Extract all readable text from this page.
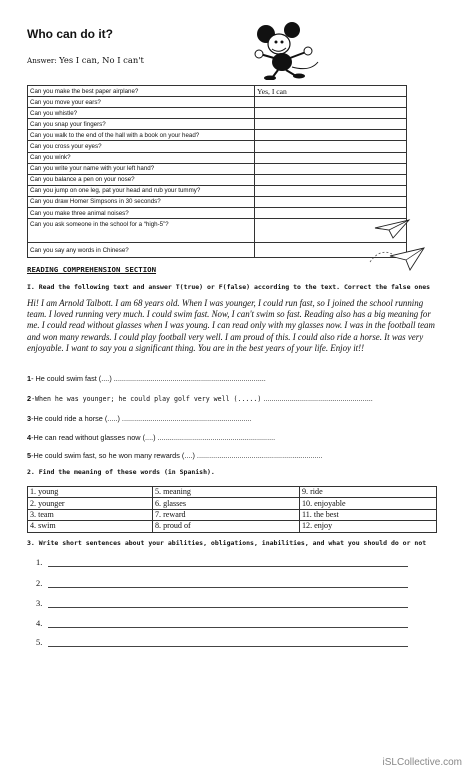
Who can do it?
Answer: Yes I can, No I can't
Can you make the best paper airplane?	Yes, I can
Can you move your ears?	
Can you whistle?	
Can you snap your fingers?	
Can you walk to the end of the hall with a book on your head?	
Can you cross your eyes?	
Can you wink?	
Can you write your name with your left hand?	
Can you balance a pen on your nose?	
Can you jump on one leg, pat your head and rub your tummy?	
Can you draw Homer Simpsons in 30 seconds?	
Can you make three animal noises?	
Can you ask someone in the school for a “high-5”?	
Can you say any words in Chinese?	
READING COMPREHENSION SECTION
I. Read the following text and answer T(true) or F(false) according to the text. Correct the false ones

Hi! I am Arnold Talbott. I am 68 years old. When I was younger, I could run fast, so I joined the school running team. I loved running very much. I could swim fast. Now, I can't swim so fast. Reading also has a big meaning for me. I could read without glasses when I was young. I can read only with my glasses now. I was in the football team and won many rewards. I could play football very well. I am proud of this. I could also ride a horse. It was very enjoyable. I want to say you a significant thing. You are in the best years of your life. Enjoy it!!

1- He could swim fast (....) ...........................................................................
2-When he was younger; he could play golf very well (.....) ......................................................
3-He could ride a horse (.....) ................................................................
4-He can read without glasses now (....) ..........................................................
5-He could swim fast, so he won many rewards (....) ..............................................................
2. Find the meaning of these words (in Spanish).
1. young	5. meaning	9. ride
2. younger	6. glasses	10. enjoyable
3. team	7. reward	11. the best
4. swim	8. proud of	12. enjoy
3. Write short sentences about your abilities, obligations, inabilities, and what you should do or not
1.
2.
3.
4.
5.
iSLCollective.com
